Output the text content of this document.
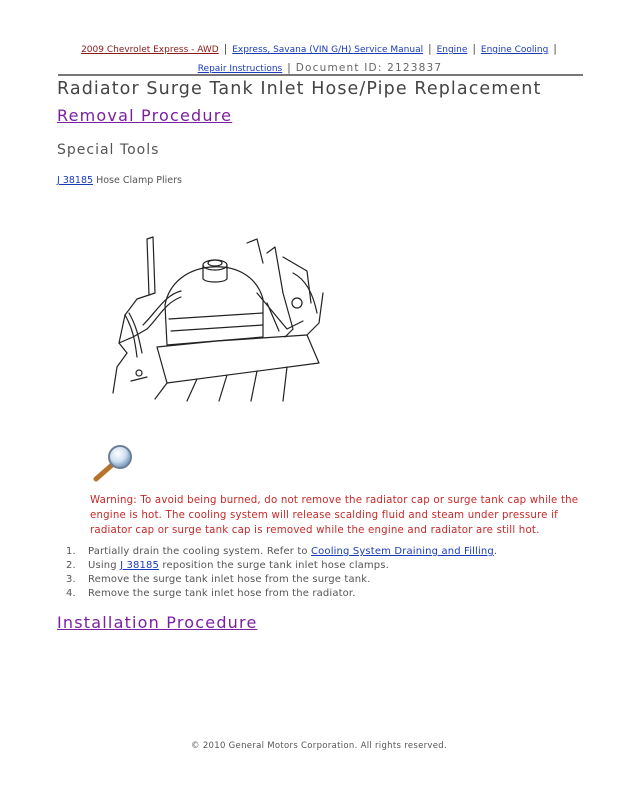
2009 Chevrolet Express - AWD | Express, Savana (VIN G/H) Service Manual | Engine | Engine Cooling |
Repair Instructions | Document ID: 2123837
Radiator Surge Tank Inlet Hose/Pipe Replacement
Removal Procedure
Special Tools
J 38185 Hose Clamp Pliers
Warning: To avoid being burned, do not remove the radiator cap or surge tank cap while the engine is hot. The cooling system will release scalding fluid and steam under pressure if radiator cap or surge tank cap is removed while the engine and radiator are still hot.
1. Partially drain the cooling system. Refer to Cooling System Draining and Filling.
2. Using J 38185 reposition the surge tank inlet hose clamps.
3. Remove the surge tank inlet hose from the surge tank.
4. Remove the surge tank inlet hose from the radiator.
Installation Procedure
© 2010 General Motors Corporation. All rights reserved.
